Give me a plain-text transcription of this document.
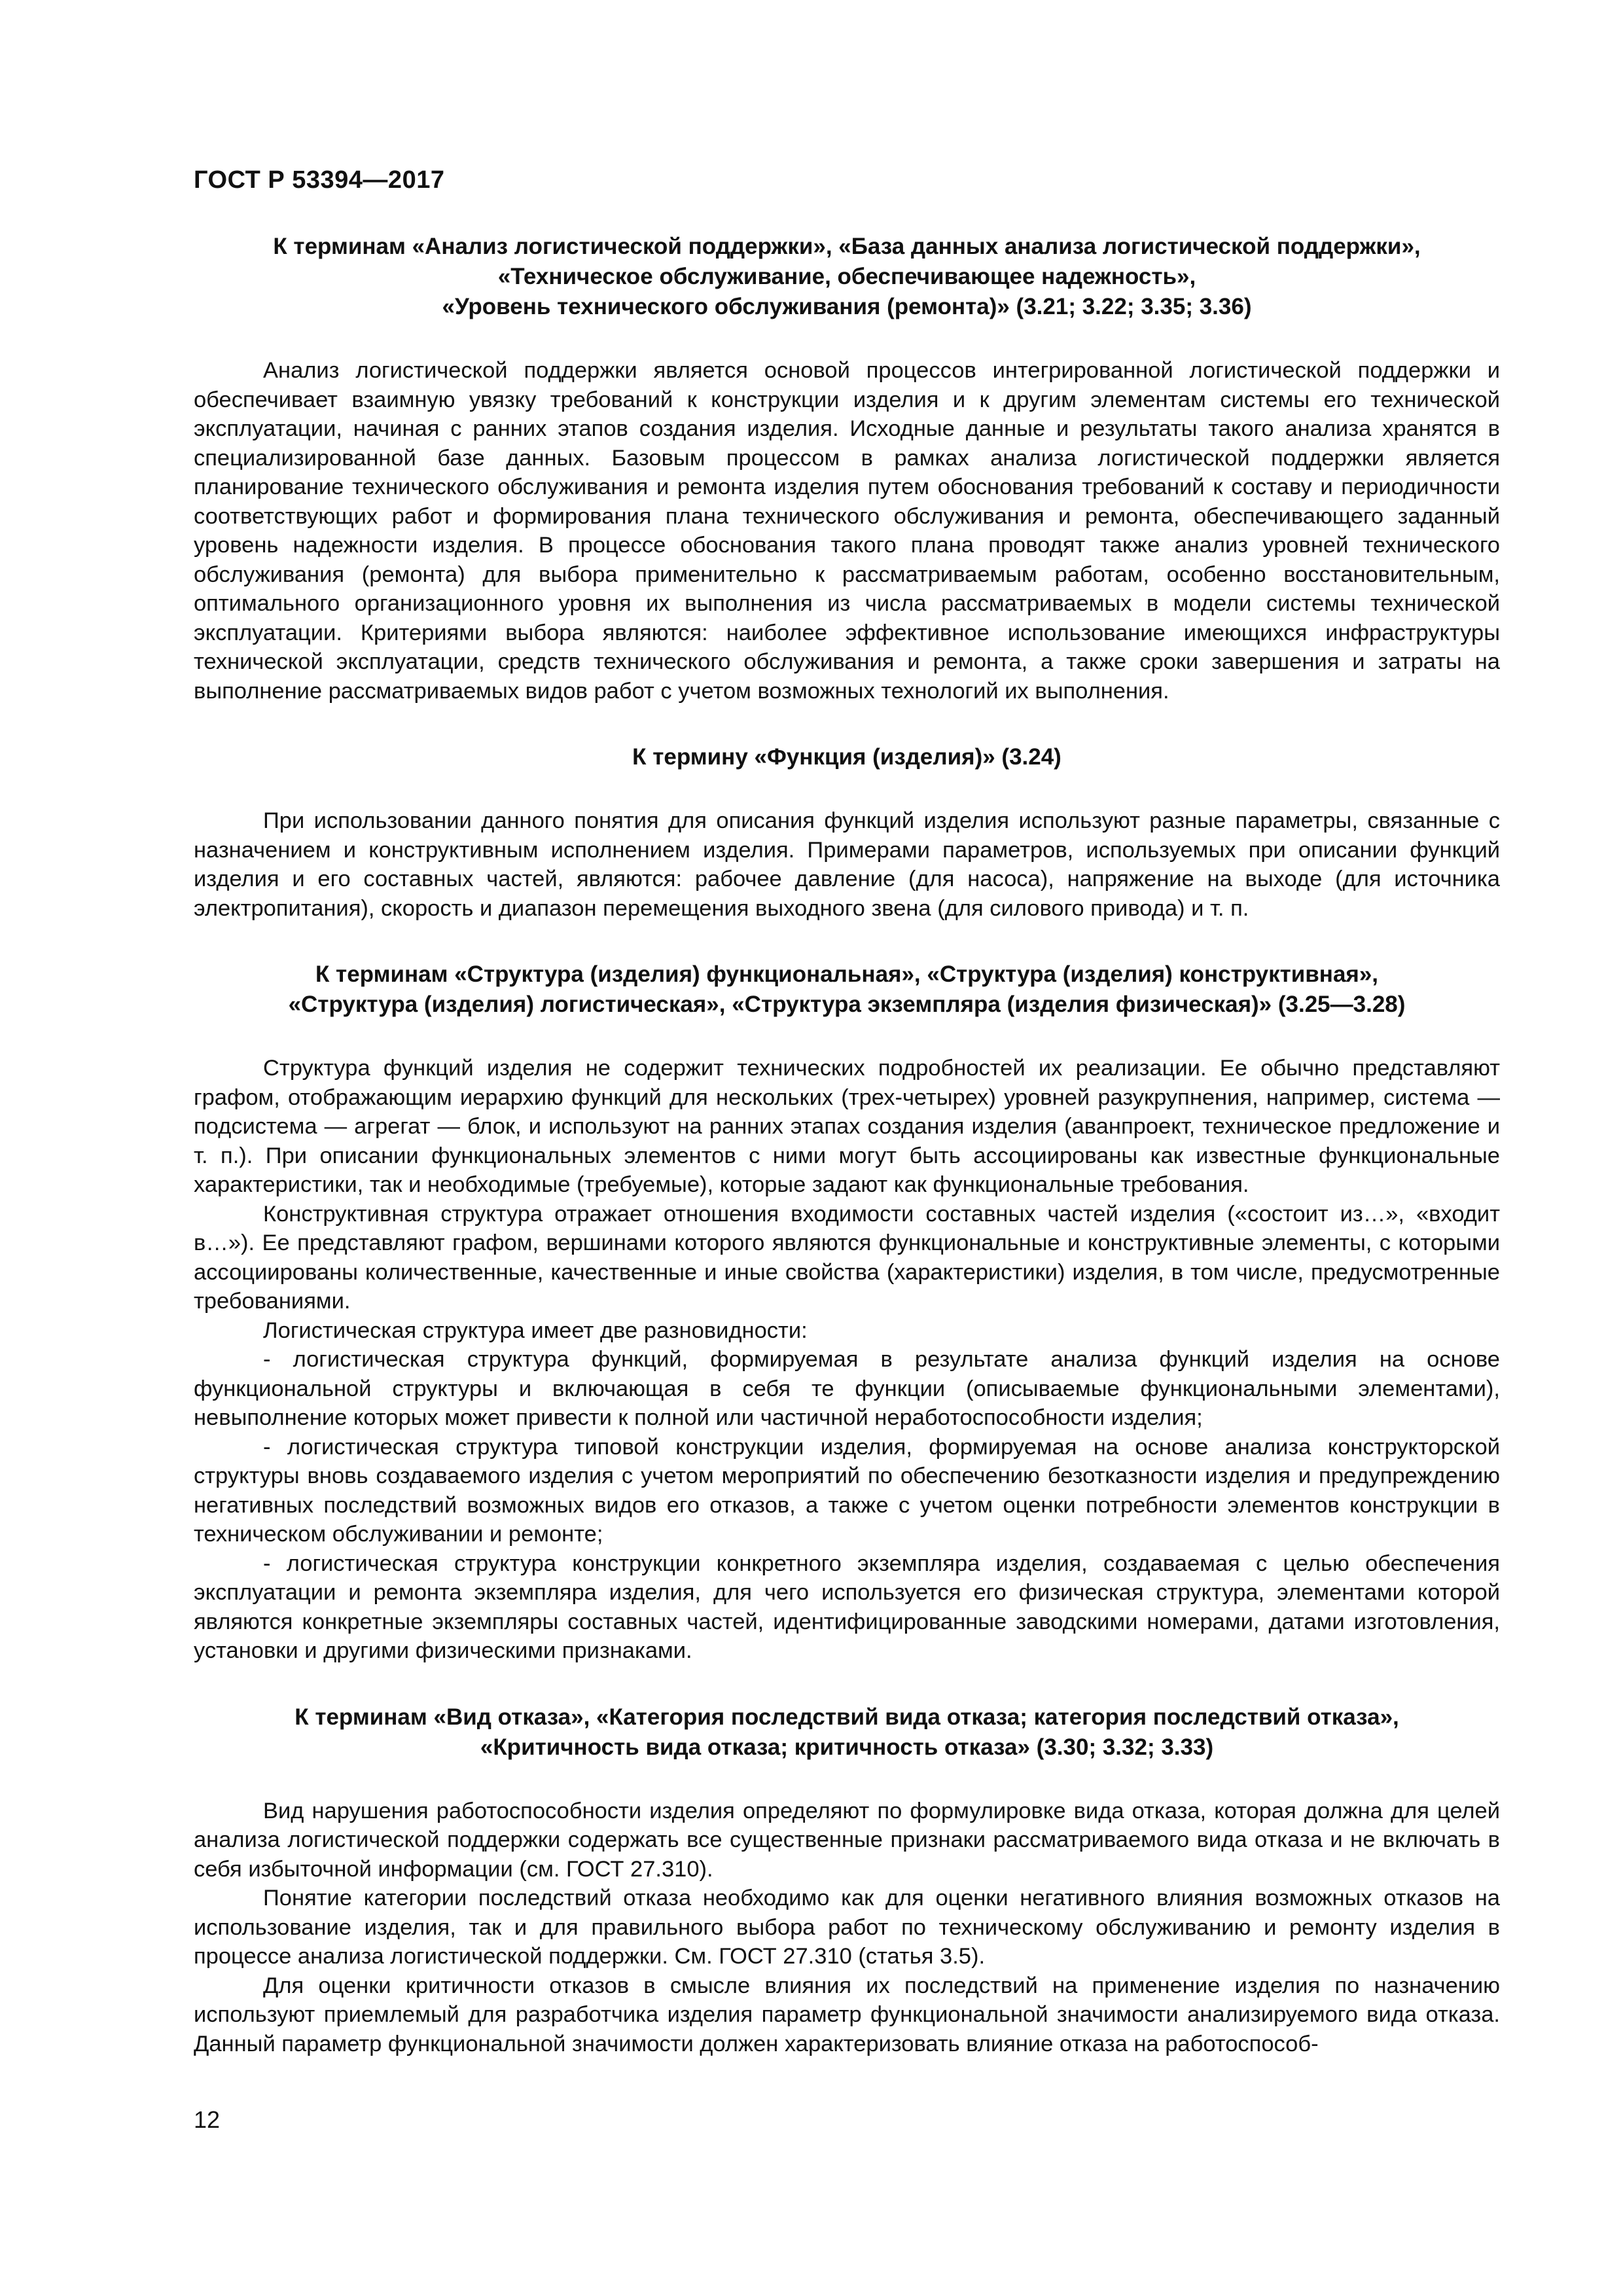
ГОСТ Р 53394—2017
К терминам «Анализ логистической поддержки», «База данных анализа логистической поддержки»,
«Техническое обслуживание, обеспечивающее надежность»,
«Уровень технического обслуживания (ремонта)» (3.21; 3.22; 3.35; 3.36)

Анализ логистической поддержки является основой процессов интегрированной логистической поддержки и обеспечивает взаимную увязку требований к конструкции изделия и к другим элементам системы его технической эксплуатации, начиная с ранних этапов создания изделия. Исходные данные и результаты такого анализа хранятся в специализированной базе данных. Базовым процессом в рамках анализа логистической поддержки является планирование технического обслуживания и ремонта изделия путем обоснования требований к составу и периодичности соответствующих работ и формирования плана технического обслуживания и ремонта, обеспечивающего заданный уровень надежности изделия. В процессе обоснования такого плана проводят также анализ уровней технического обслуживания (ремонта) для выбора применительно к рассматриваемым работам, особенно восстановительным, оптимального организационного уровня их выполнения из числа рассматриваемых в модели системы технической эксплуатации. Критериями выбора являются: наиболее эффективное использование имеющихся инфраструктуры технической эксплуатации, средств технического обслуживания и ремонта, а также сроки завершения и затраты на выполнение рассматриваемых видов работ с учетом возможных технологий их выполнения.

К термину «Функция (изделия)» (3.24)

При использовании данного понятия для описания функций изделия используют разные параметры, связанные с назначением и конструктивным исполнением изделия. Примерами параметров, используемых при описании функций изделия и его составных частей, являются: рабочее давление (для насоса), напряжение на выходе (для источника электропитания), скорость и диапазон перемещения выходного звена (для силового привода) и т. п.

К терминам «Структура (изделия) функциональная», «Структура (изделия) конструктивная»,
«Структура (изделия) логистическая», «Структура экземпляра (изделия физическая)» (3.25—3.28)

Структура функций изделия не содержит технических подробностей их реализации. Ее обычно представляют графом, отображающим иерархию функций для нескольких (трех-четырех) уровней разукрупнения, например, система — подсистема — агрегат — блок, и используют на ранних этапах создания изделия (аванпроект, техническое предложение и т. п.). При описании функциональных элементов с ними могут быть ассоциированы как известные функциональные характеристики, так и необходимые (требуемые), которые задают как функциональные требования.

Конструктивная структура отражает отношения входимости составных частей изделия («состоит из…», «входит в…»). Ее представляют графом, вершинами которого являются функциональные и конструктивные элементы, с которыми ассоциированы количественные, качественные и иные свойства (характеристики) изделия, в том числе, предусмотренные требованиями.

Логистическая структура имеет две разновидности:

- логистическая структура функций, формируемая в результате анализа функций изделия на основе функциональной структуры и включающая в себя те функции (описываемые функциональными элементами), невыполнение которых может привести к полной или частичной неработоспособности изделия;

- логистическая структура типовой конструкции изделия, формируемая на основе анализа конструкторской структуры вновь создаваемого изделия с учетом мероприятий по обеспечению безотказности изделия и предупреждению негативных последствий возможных видов его отказов, а также с учетом оценки потребности элементов конструкции в техническом обслуживании и ремонте;

- логистическая структура конструкции конкретного экземпляра изделия, создаваемая с целью обеспечения эксплуатации и ремонта экземпляра изделия, для чего используется его физическая структура, элементами которой являются конкретные экземпляры составных частей, идентифицированные заводскими номерами, датами изготовления, установки и другими физическими признаками.

К терминам «Вид отказа», «Категория последствий вида отказа; категория последствий отказа»,
«Критичность вида отказа; критичность отказа» (3.30; 3.32; 3.33)

Вид нарушения работоспособности изделия определяют по формулировке вида отказа, которая должна для целей анализа логистической поддержки содержать все существенные признаки рассматриваемого вида отказа и не включать в себя избыточной информации (см. ГОСТ 27.310).

Понятие категории последствий отказа необходимо как для оценки негативного влияния возможных отказов на использование изделия, так и для правильного выбора работ по техническому обслуживанию и ремонту изделия в процессе анализа логистической поддержки. См. ГОСТ 27.310 (статья 3.5).

Для оценки критичности отказов в смысле влияния их последствий на применение изделия по назначению используют приемлемый для разработчика изделия параметр функциональной значимости анализируемого вида отказа. Данный параметр функциональной значимости должен характеризовать влияние отказа на работоспособ-

12
